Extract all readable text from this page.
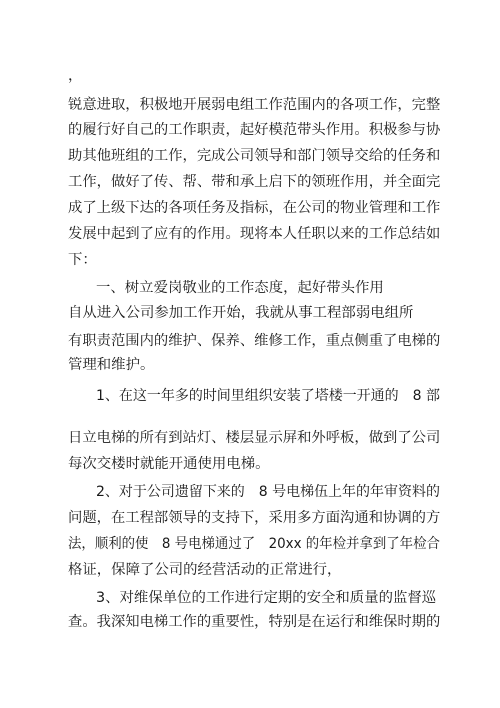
，
锐意进取，积极地开展弱电组工作范围内的各项工作，完整
的履行好自己的工作职责，起好模范带头作用。积极参与协
助其他班组的工作，完成公司领导和部门领导交给的任务和
工作，做好了传、帮、带和承上启下的领班作用，并全面完
成了上级下达的各项任务及指标，在公司的物业管理和工作
发展中起到了应有的作用。现将本人任职以来的工作总结如
下：
一、树立爱岗敬业的工作态度，起好带头作用
自从进入公司参加工作开始，我就从事工程部弱电组所
有职责范围内的维护、保养、维修工作，重点侧重了电梯的
管理和维护。
1、在这一年多的时间里组织安装了塔楼一开通的　8 部
日立电梯的所有到站灯、楼层显示屏和外呼板，做到了公司
每次交楼时就能开通使用电梯。
2、对于公司遗留下来的　8 号电梯伍上年的年审资料的
问题，在工程部领导的支持下，采用多方面沟通和协调的方
法，顺利的使　8 号电梯通过了　20xx 的年检并拿到了年检合
格证，保障了公司的经营活动的正常进行，
3、对维保单位的工作进行定期的安全和质量的监督巡
查。我深知电梯工作的重要性，特别是在运行和维保时期的
